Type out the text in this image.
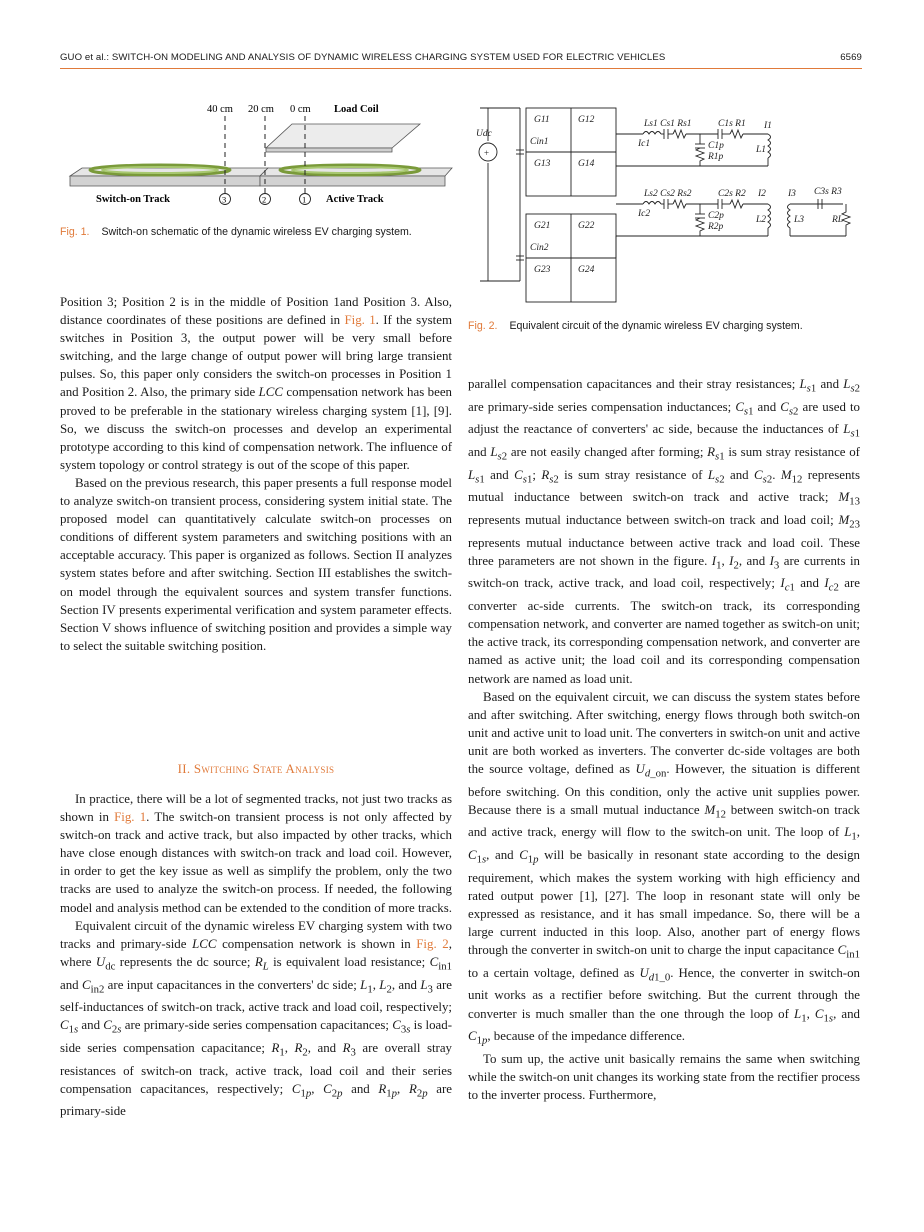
GUO et al.: SWITCH-ON MODELING AND ANALYSIS OF DYNAMIC WIRELESS CHARGING SYSTEM USED FOR ELECTRIC VEHICLES	6569
40 cm 20 cm 0 cm Load Coil
Switch-on Track	Active Track
3	2	1
Fig. 1. Switch-on schematic of the dynamic wireless EV charging system.
Udc
G11	G12
G13	G14
Cin1
G21	G22
G23	G24
Cin2
Ls1 Cs1 Rs1	C1s R1 I1
C1p
R1p
L1
Ic1
Ls2 Cs2 Rs2	C2s R2 I2
C2p
R2p
L2
Ic2
I3 C3s R3
L3	RL
+
Fig. 2. Equivalent circuit of the dynamic wireless EV charging system.

Position 3; Position 2 is in the middle of Position 1and Position 3. Also, distance coordinates of these positions are defined in Fig. 1. If the system switches in Position 3, the output power will be very small before switching, and the large change of output power will bring large transient pulses. So, this paper only considers the switch-on processes in Position 1 and Position 2. Also, the primary side LCC compensation network has been proved to be preferable in the stationary wireless charging system [1], [9]. So, we discuss the switch-on processes and develop an experimental prototype according to this kind of compensation network. The influence of system topology or control strategy is out of the scope of this paper.

Based on the previous research, this paper presents a full response model to analyze switch-on transient process, considering system initial state. The proposed model can quantitatively calculate switch-on processes on conditions of different system parameters and switching positions with an acceptable accuracy. This paper is organized as follows. Section II analyzes system states before and after switching. Section III establishes the switch-on model through the equivalent sources and system transfer functions. Section IV presents experimental verification and system parameter effects. Section V shows influence of switching position and provides a simple way to select the suitable switching position.

II. Switching State Analysis

In practice, there will be a lot of segmented tracks, not just two tracks as shown in Fig. 1. The switch-on transient process is not only affected by switch-on track and active track, but also impacted by other tracks, which have close enough distances with switch-on track and load coil. However, in order to get the key issue as well as simplify the problem, only the two tracks are used to analyze the switch-on process. If needed, the following model and analysis method can be extended to the condition of more tracks.

Equivalent circuit of the dynamic wireless EV charging system with two tracks and primary-side LCC compensation network is shown in Fig. 2, where $U_{dc}$ represents the dc source; $R_L$ is equivalent load resistance; $C_{in1}$ and $C_{in2}$ are input capacitances in the converters' dc side; $L_1$, $L_2$, and $L_3$ are self-inductances of switch-on track, active track and load coil, respectively; $C_{1s}$ and $C_{2s}$ are primary-side series compensation capacitances; $C_{3s}$ is load-side series compensation capacitance; $R_1$, $R_2$, and $R_3$ are overall stray resistances of switch-on track, active track, load coil and their series compensation capacitances, respectively; $C_{1p}$, $C_{2p}$ and $R_{1p}$, $R_{2p}$ are primary-side

parallel compensation capacitances and their stray resistances; $L_{s1}$ and $L_{s2}$ are primary-side series compensation inductances; $C_{s1}$ and $C_{s2}$ are used to adjust the reactance of converters' ac side, because the inductances of $L_{s1}$ and $L_{s2}$ are not easily changed after forming; $R_{s1}$ is sum stray resistance of $L_{s1}$ and $C_{s1}$; $R_{s2}$ is sum stray resistance of $L_{s2}$ and $C_{s2}$. $M_{12}$ represents mutual inductance between switch-on track and active track; $M_{13}$ represents mutual inductance between switch-on track and load coil; $M_{23}$ represents mutual inductance between active track and load coil. These three parameters are not shown in the figure. $I_1$, $I_2$, and $I_3$ are currents in switch-on track, active track, and load coil, respectively; $I_{c1}$ and $I_{c2}$ are converter ac-side currents. The switch-on track, its corresponding compensation network, and converter are named together as switch-on unit; the active track, its corresponding compensation network, and converter are named as active unit; the load coil and its corresponding compensation network are named as load unit.

Based on the equivalent circuit, we can discuss the system states before and after switching. After switching, energy flows through both switch-on unit and active unit to load unit. The converters in switch-on unit and active unit are both worked as inverters. The converter dc-side voltages are both the source voltage, defined as $U_{d\_on}$. However, the situation is different before switching. On this condition, only the active unit supplies power. Because there is a small mutual inductance $M_{12}$ between switch-on track and active track, energy will flow to the switch-on unit. The loop of $L_1$, $C_{1s}$, and $C_{1p}$ will be basically in resonant state according to the design requirement, which makes the system working with high efficiency and rated output power [1], [27]. The loop in resonant state will only be expressed as resistance, and it has small impedance. So, there will be a large current inducted in this loop. Also, another part of energy flows through the converter in switch-on unit to charge the input capacitance $C_{in1}$ to a certain voltage, defined as $U_{d1\_0}$. Hence, the converter in switch-on unit works as a rectifier before switching. But the current through the converter is much smaller than the one through the loop of $L_1$, $C_{1s}$, and $C_{1p}$, because of the impedance difference.

To sum up, the active unit basically remains the same when switching while the switch-on unit changes its working state from the rectifier process to the inverter process. Furthermore,
